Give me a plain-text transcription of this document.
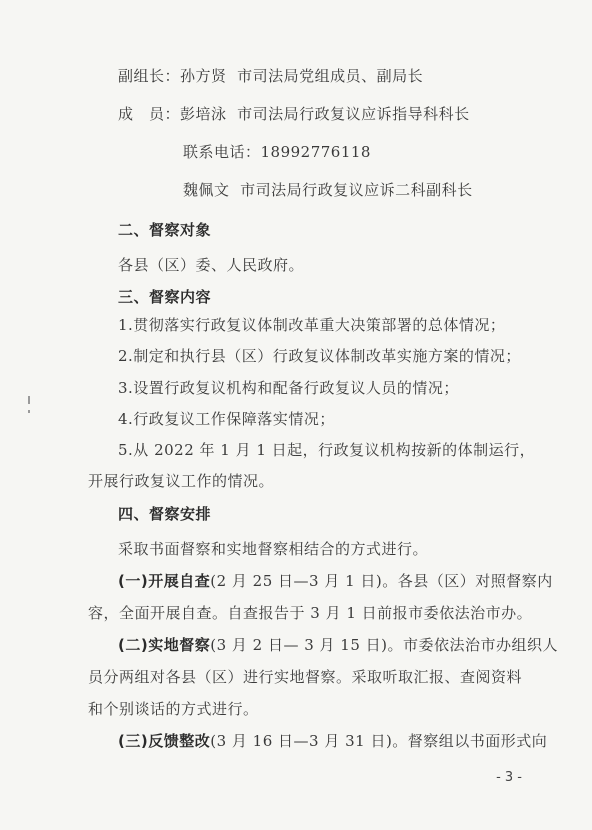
副组长：孙方贤 市司法局党组成员、副局长
成　员：彭培泳 市司法局行政复议应诉指导科科长
联系电话：18992776118
魏佩文 市司法局行政复议应诉二科副科长
二、督察对象
各县（区）委、人民政府。
三、督察内容
1.贯彻落实行政复议体制改革重大决策部署的总体情况；
2.制定和执行县（区）行政复议体制改革实施方案的情况；
3.设置行政复议机构和配备行政复议人员的情况；
4.行政复议工作保障落实情况；
5.从 2022 年 1 月 1 日起，行政复议机构按新的体制运行，
开展行政复议工作的情况。
四、督察安排
采取书面督察和实地督察相结合的方式进行。
(一)开展自查(2 月 25 日—3 月 1 日)。各县（区）对照督察内
容，全面开展自查。自查报告于 3 月 1 日前报市委依法治市办。
(二)实地督察(3 月 2 日— 3 月 15 日)。市委依法治市办组织人
员分两组对各县（区）进行实地督察。采取听取汇报、查阅资料
和个别谈话的方式进行。
(三)反馈整改(3 月 16 日—3 月 31 日)。督察组以书面形式向
- 3 -
